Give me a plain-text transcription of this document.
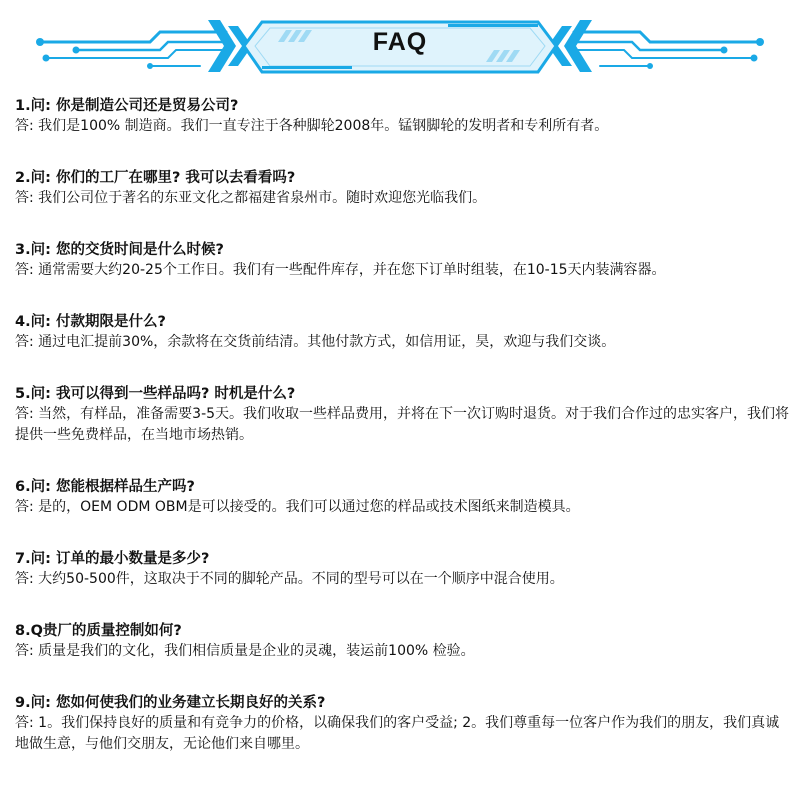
FAQ
1.问: 你是制造公司还是贸易公司?
答: 我们是100% 制造商。我们一直专注于各种脚轮2008年。锰钢脚轮的发明者和专利所有者。
2.问: 你们的工厂在哪里? 我可以去看看吗?
答: 我们公司位于著名的东亚文化之都福建省泉州市。随时欢迎您光临我们。
3.问: 您的交货时间是什么时候?
答: 通常需要大约20-25个工作日。我们有一些配件库存，并在您下订单时组装，在10-15天内装满容器。
4.问: 付款期限是什么?
答: 通过电汇提前30%，余款将在交货前结清。其他付款方式，如信用证，昊，欢迎与我们交谈。
5.问: 我可以得到一些样品吗? 时机是什么?
答: 当然，有样品，准备需要3-5天。我们收取一些样品费用，并将在下一次订购时退货。对于我们合作过的忠实客户，我们将提供一些免费样品，在当地市场热销。
6.问: 您能根据样品生产吗?
答: 是的，OEM ODM OBM是可以接受的。我们可以通过您的样品或技术图纸来制造模具。
7.问: 订单的最小数量是多少?
答: 大约50-500件，这取决于不同的脚轮产品。不同的型号可以在一个顺序中混合使用。
8.Q贵厂的质量控制如何?
答: 质量是我们的文化，我们相信质量是企业的灵魂，装运前100% 检验。
9.问: 您如何使我们的业务建立长期良好的关系?
答: 1。我们保持良好的质量和有竞争力的价格，以确保我们的客户受益; 2。我们尊重每一位客户作为我们的朋友，我们真诚地做生意，与他们交朋友，无论他们来自哪里。
